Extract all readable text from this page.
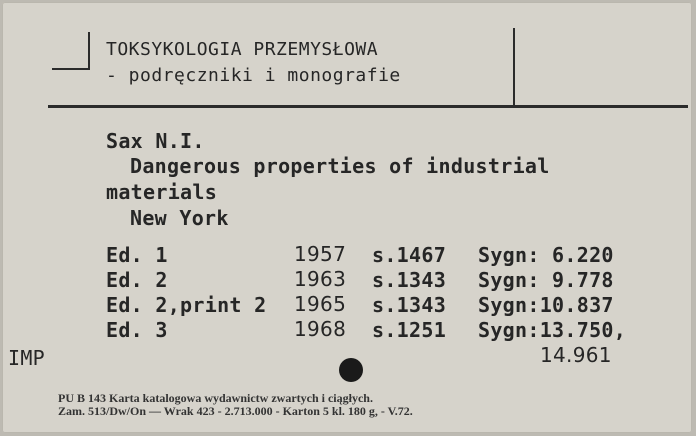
TOKSYKOLOGIA PRZEMYSŁOWA
- podręczniki i monografie
Sax N.I.
Dangerous properties of industrial
materials
New York
Ed. 1	1957 s.1467 Sygn: 6.220
Ed. 2	1963 s.1343 Sygn: 9.778
Ed. 2,print 2 1965 s.1343 Sygn:10.837
Ed. 3	1968 s.1251 Sygn:13.750,
14.961
IMP
PU B 143 Karta katalogowa wydawnictw zwartych i ciągłych.
Zam. 513/Dw/On — Wrak 423 - 2.713.000 - Karton 5 kl. 180 g, - V.72.
